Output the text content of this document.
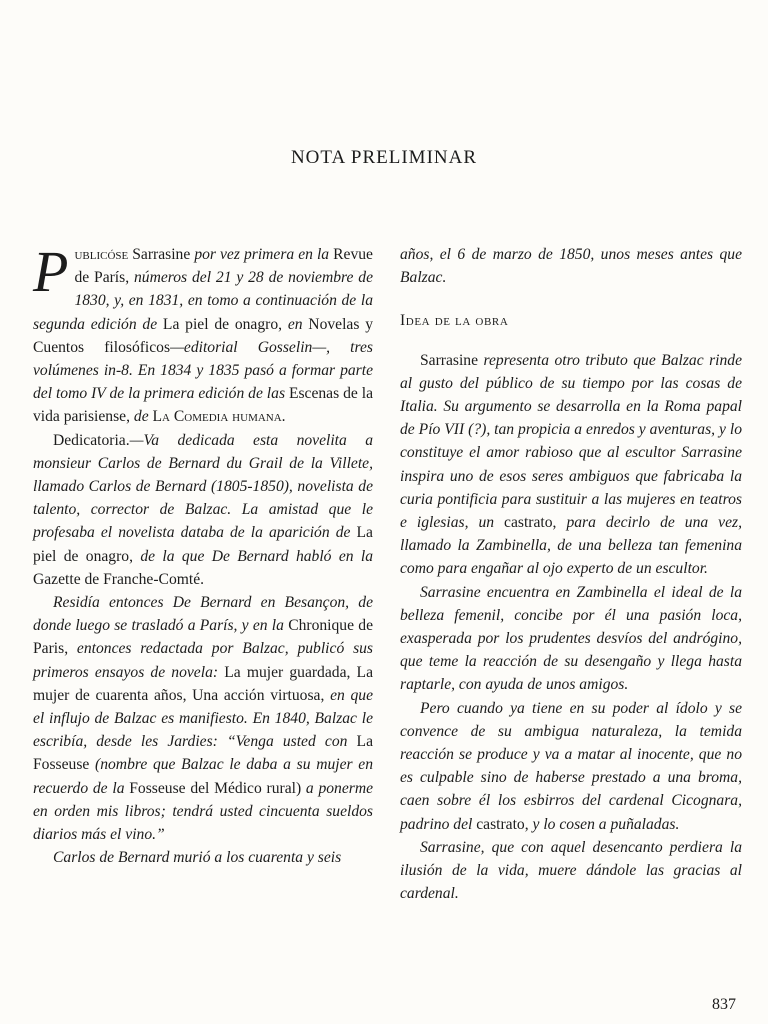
NOTA PRELIMINAR

Publicóse Sarrasine por vez primera en la Revue de París, números del 21 y 28 de noviembre de 1830, y, en 1831, en tomo a continuación de la segunda edición de La piel de onagro, en Novelas y Cuentos filosóficos—editorial Gosselin—, tres volúmenes in-8. En 1834 y 1835 pasó a formar parte del tomo IV de la primera edición de las Escenas de la vida parisiense, de La Comedia humana.

Dedicatoria.—Va dedicada esta novelita a monsieur Carlos de Bernard du Grail de la Villete, llamado Carlos de Bernard (1805-1850), novelista de talento, corrector de Balzac. La amistad que le profesaba el novelista databa de la aparición de La piel de onagro, de la que De Bernard habló en la Gazette de Franche-Comté.

Residía entonces De Bernard en Besançon, de donde luego se trasladó a París, y en la Chronique de Paris, entonces redactada por Balzac, publicó sus primeros ensayos de novela: La mujer guardada, La mujer de cuarenta años, Una acción virtuosa, en que el influjo de Balzac es manifiesto. En 1840, Balzac le escribía, desde les Jardies: “Venga usted con La Fosseuse (nombre que Balzac le daba a su mujer en recuerdo de la Fosseuse del Médico rural) a ponerme en orden mis libros; tendrá usted cincuenta sueldos diarios más el vino.”

Carlos de Bernard murió a los cuarenta y seis

años, el 6 de marzo de 1850, unos meses antes que Balzac.

Idea de la obra

Sarrasine representa otro tributo que Balzac rinde al gusto del público de su tiempo por las cosas de Italia. Su argumento se desarrolla en la Roma papal de Pío VII (?), tan propicia a enredos y aventuras, y lo constituye el amor rabioso que al escultor Sarrasine inspira uno de esos seres ambiguos que fabricaba la curia pontificia para sustituir a las mujeres en teatros e iglesias, un castrato, para decirlo de una vez, llamado la Zambinella, de una belleza tan femenina como para engañar al ojo experto de un escultor.

Sarrasine encuentra en Zambinella el ideal de la belleza femenil, concibe por él una pasión loca, exasperada por los prudentes desvíos del andrógino, que teme la reacción de su desengaño y llega hasta raptarle, con ayuda de unos amigos.

Pero cuando ya tiene en su poder al ídolo y se convence de su ambigua naturaleza, la temida reacción se produce y va a matar al inocente, que no es culpable sino de haberse prestado a una broma, caen sobre él los esbirros del cardenal Cicognara, padrino del castrato, y lo cosen a puñaladas.

Sarrasine, que con aquel desencanto perdiera la ilusión de la vida, muere dándole las gracias al cardenal.

837
